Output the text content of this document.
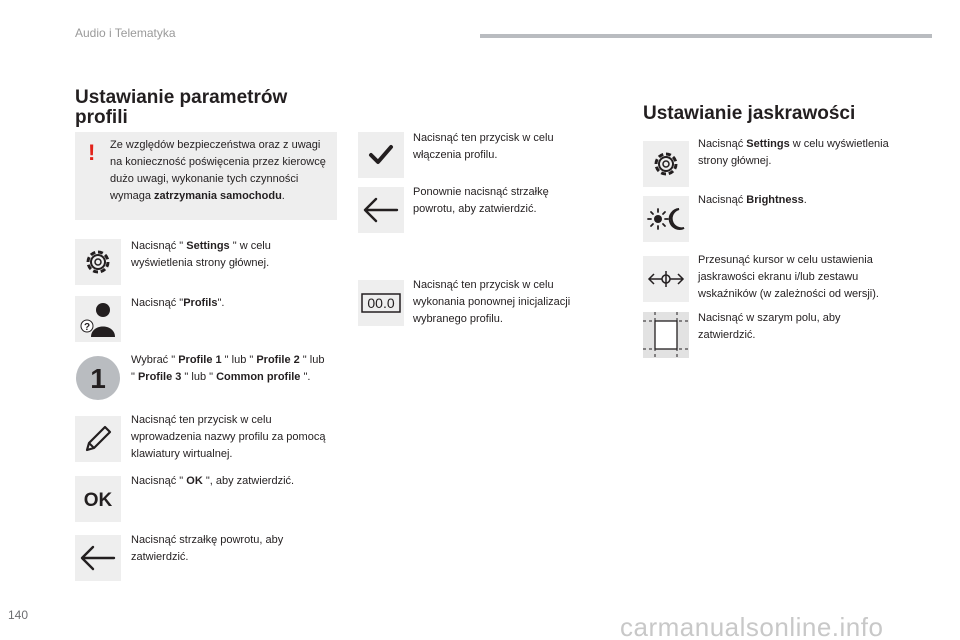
Audio i Telematyka
Ustawianie parametrów
profili
! Ze względów bezpieczeństwa oraz z uwagi na konieczność poświęcenia przez kierowcę dużo uwagi, wykonanie tych czynności wymaga zatrzymania samochodu.
Nacisnąć " Settings " w celu wyświetlenia strony głównej.
?
Nacisnąć "Profils".
1
Wybrać " Profile 1 " lub " Profile 2 " lub " Profile 3 " lub " Common profile ".
Nacisnąć ten przycisk w celu wprowadzenia nazwy profilu za pomocą klawiatury wirtualnej.
OK
Nacisnąć " OK ", aby zatwierdzić.
Nacisnąć strzałkę powrotu, aby zatwierdzić.
Nacisnąć ten przycisk w celu włączenia profilu.
Ponownie nacisnąć strzałkę powrotu, aby zatwierdzić.
00.0
Nacisnąć ten przycisk w celu wykonania ponownej inicjalizacji wybranego profilu.
Ustawianie jaskrawości
Nacisnąć Settings w celu wyświetlenia strony głównej.
Nacisnąć Brightness.
Przesunąć kursor w celu ustawienia jaskrawości ekranu i/lub zestawu wskaźników (w zależności od wersji).
Nacisnąć w szarym polu, aby zatwierdzić.
140	carmanualsonline.info
